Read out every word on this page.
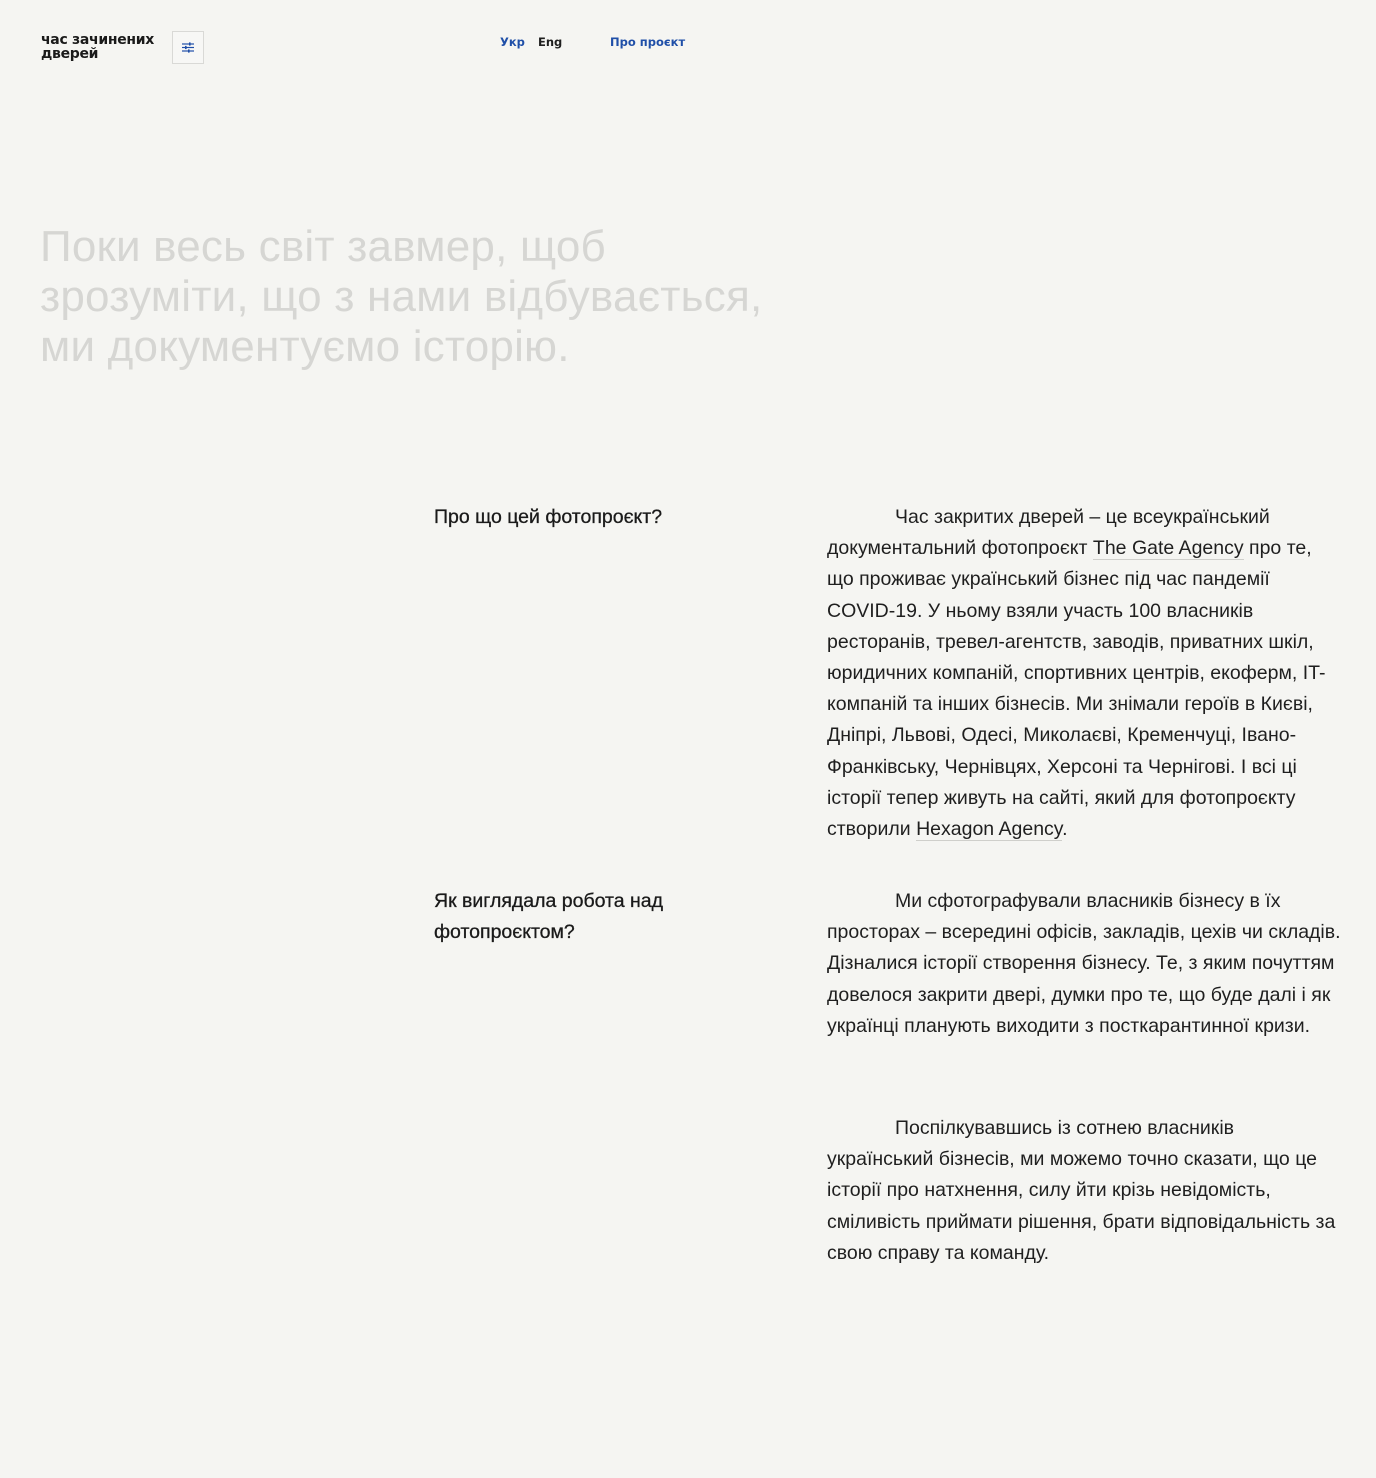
час зачинених
дверей
Укр Eng	Про проєкт
Поки весь світ завмер, щоб
зрозуміти, що з нами відбувається,
ми документуємо історію.
Про що цей фотопроєкт?	Час закритих дверей – це всеукраїнський документальний фотопроєкт The Gate Agency про те, що проживає український бізнес під час пандемії COVID-19. У ньому взяли участь 100 власників ресторанів, тревел-агентств, заводів, приватних шкіл, юридичних компаній, спортивних центрів, екоферм, IT-компаній та інших бізнесів. Ми знімали героїв в Києві, Дніпрі, Львові, Одесі, Миколаєві, Кременчуці, Івано-Франківську, Чернівцях, Херсоні та Чернігові. І всі ці історії тепер живуть на сайті, який для фотопроєкту створили Hexagon Agency.

Як виглядала робота над фотопроєктом?

Ми сфотографували власників бізнесу в їх просторах – всередині офісів, закладів, цехів чи складів. Дізналися історії створення бізнесу. Те, з яким почуттям довелося закрити двері, думки про те, що буде далі і як українці планують виходити з посткарантинної кризи.

Поспілкувавшись із сотнею власників український бізнесів, ми можемо точно сказати, що це історії про натхнення, силу йти крізь невідомість, сміливість приймати рішення, брати відповідальність за свою справу та команду.
